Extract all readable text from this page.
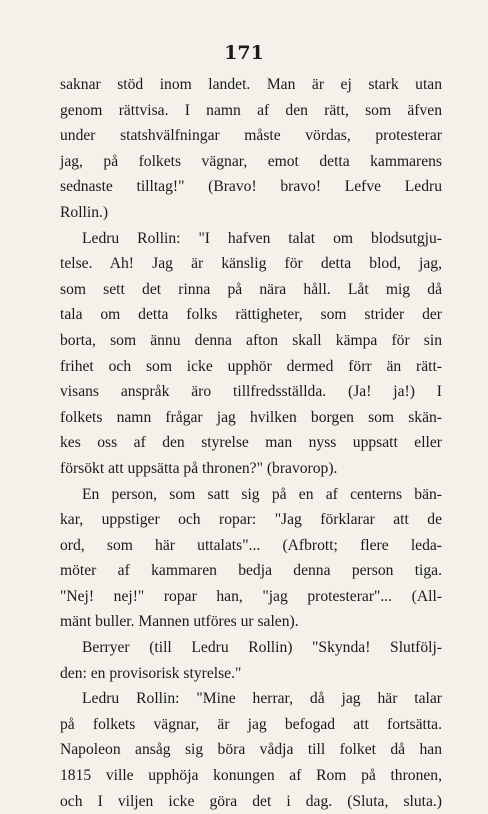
171
saknar stöd inom landet. Man är ej stark utan
genom rättvisa. I namn af den rätt, som äfven
under statshvälfningar måste vördas, protesterar
jag, på folkets vägnar, emot detta kammarens
sednaste tilltag!" (Bravo! bravo! Lefve Ledru
Rollin.)
Ledru Rollin: "I hafven talat om blodsutgju-
telse. Ah! Jag är känslig för detta blod, jag,
som sett det rinna på nära håll. Låt mig då
tala om detta folks rättigheter, som strider der
borta, som ännu denna afton skall kämpa för sin
frihet och som icke upphör dermed förr än rätt-
visans anspråk äro tillfredsställda. (Ja! ja!) I
folkets namn frågar jag hvilken borgen som skän-
kes oss af den styrelse man nyss uppsatt eller
försökt att uppsätta på thronen?" (bravorop).
En person, som satt sig på en af centerns bän-
kar, uppstiger och ropar: "Jag förklarar att de
ord, som här uttalats"... (Afbrott; flere leda-
möter af kammaren bedja denna person tiga.
"Nej! nej!" ropar han, "jag protesterar"... (All-
mänt buller. Mannen utföres ur salen).
Berryer (till Ledru Rollin) "Skynda! Slutfölj-
den: en provisorisk styrelse."
Ledru Rollin: "Mine herrar, då jag här talar
på folkets vägnar, är jag befogad att fortsätta.
Napoleon ansåg sig böra vådja till folket då han
1815 ville upphöja konungen af Rom på thronen,
och I viljen icke göra det i dag. (Sluta, sluta.)
